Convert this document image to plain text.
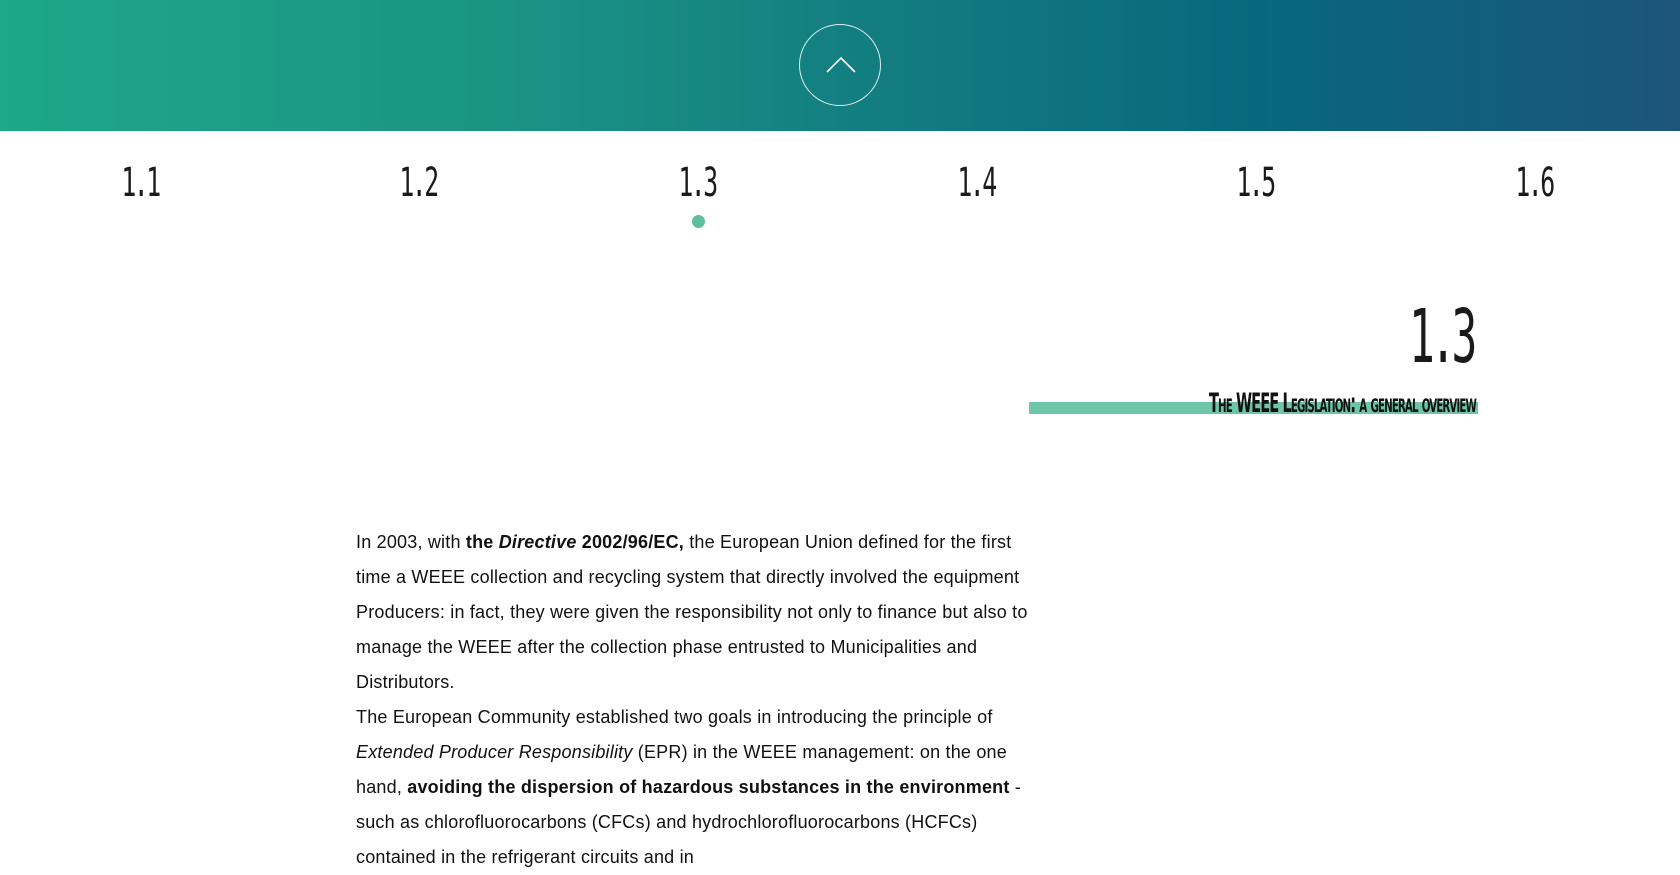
1.1	1.2	1.3	1.4	1.5	1.6
1.3
The WEEE Legislation: a general overview

In 2003, with the Directive 2002/96/EC, the European Union defined for the first time a WEEE collection and recycling system that directly involved the equipment Producers: in fact, they were given the responsibility not only to finance but also to manage the WEEE after the collection phase entrusted to Municipalities and Distributors.

The European Community established two goals in introducing the principle of Extended Producer Responsibility (EPR) in the WEEE management: on the one hand, avoiding the dispersion of hazardous substances in the environment - such as chlorofluorocarbons (CFCs) and hydrochlorofluorocarbons (HCFCs) contained in the refrigerant circuits and in
